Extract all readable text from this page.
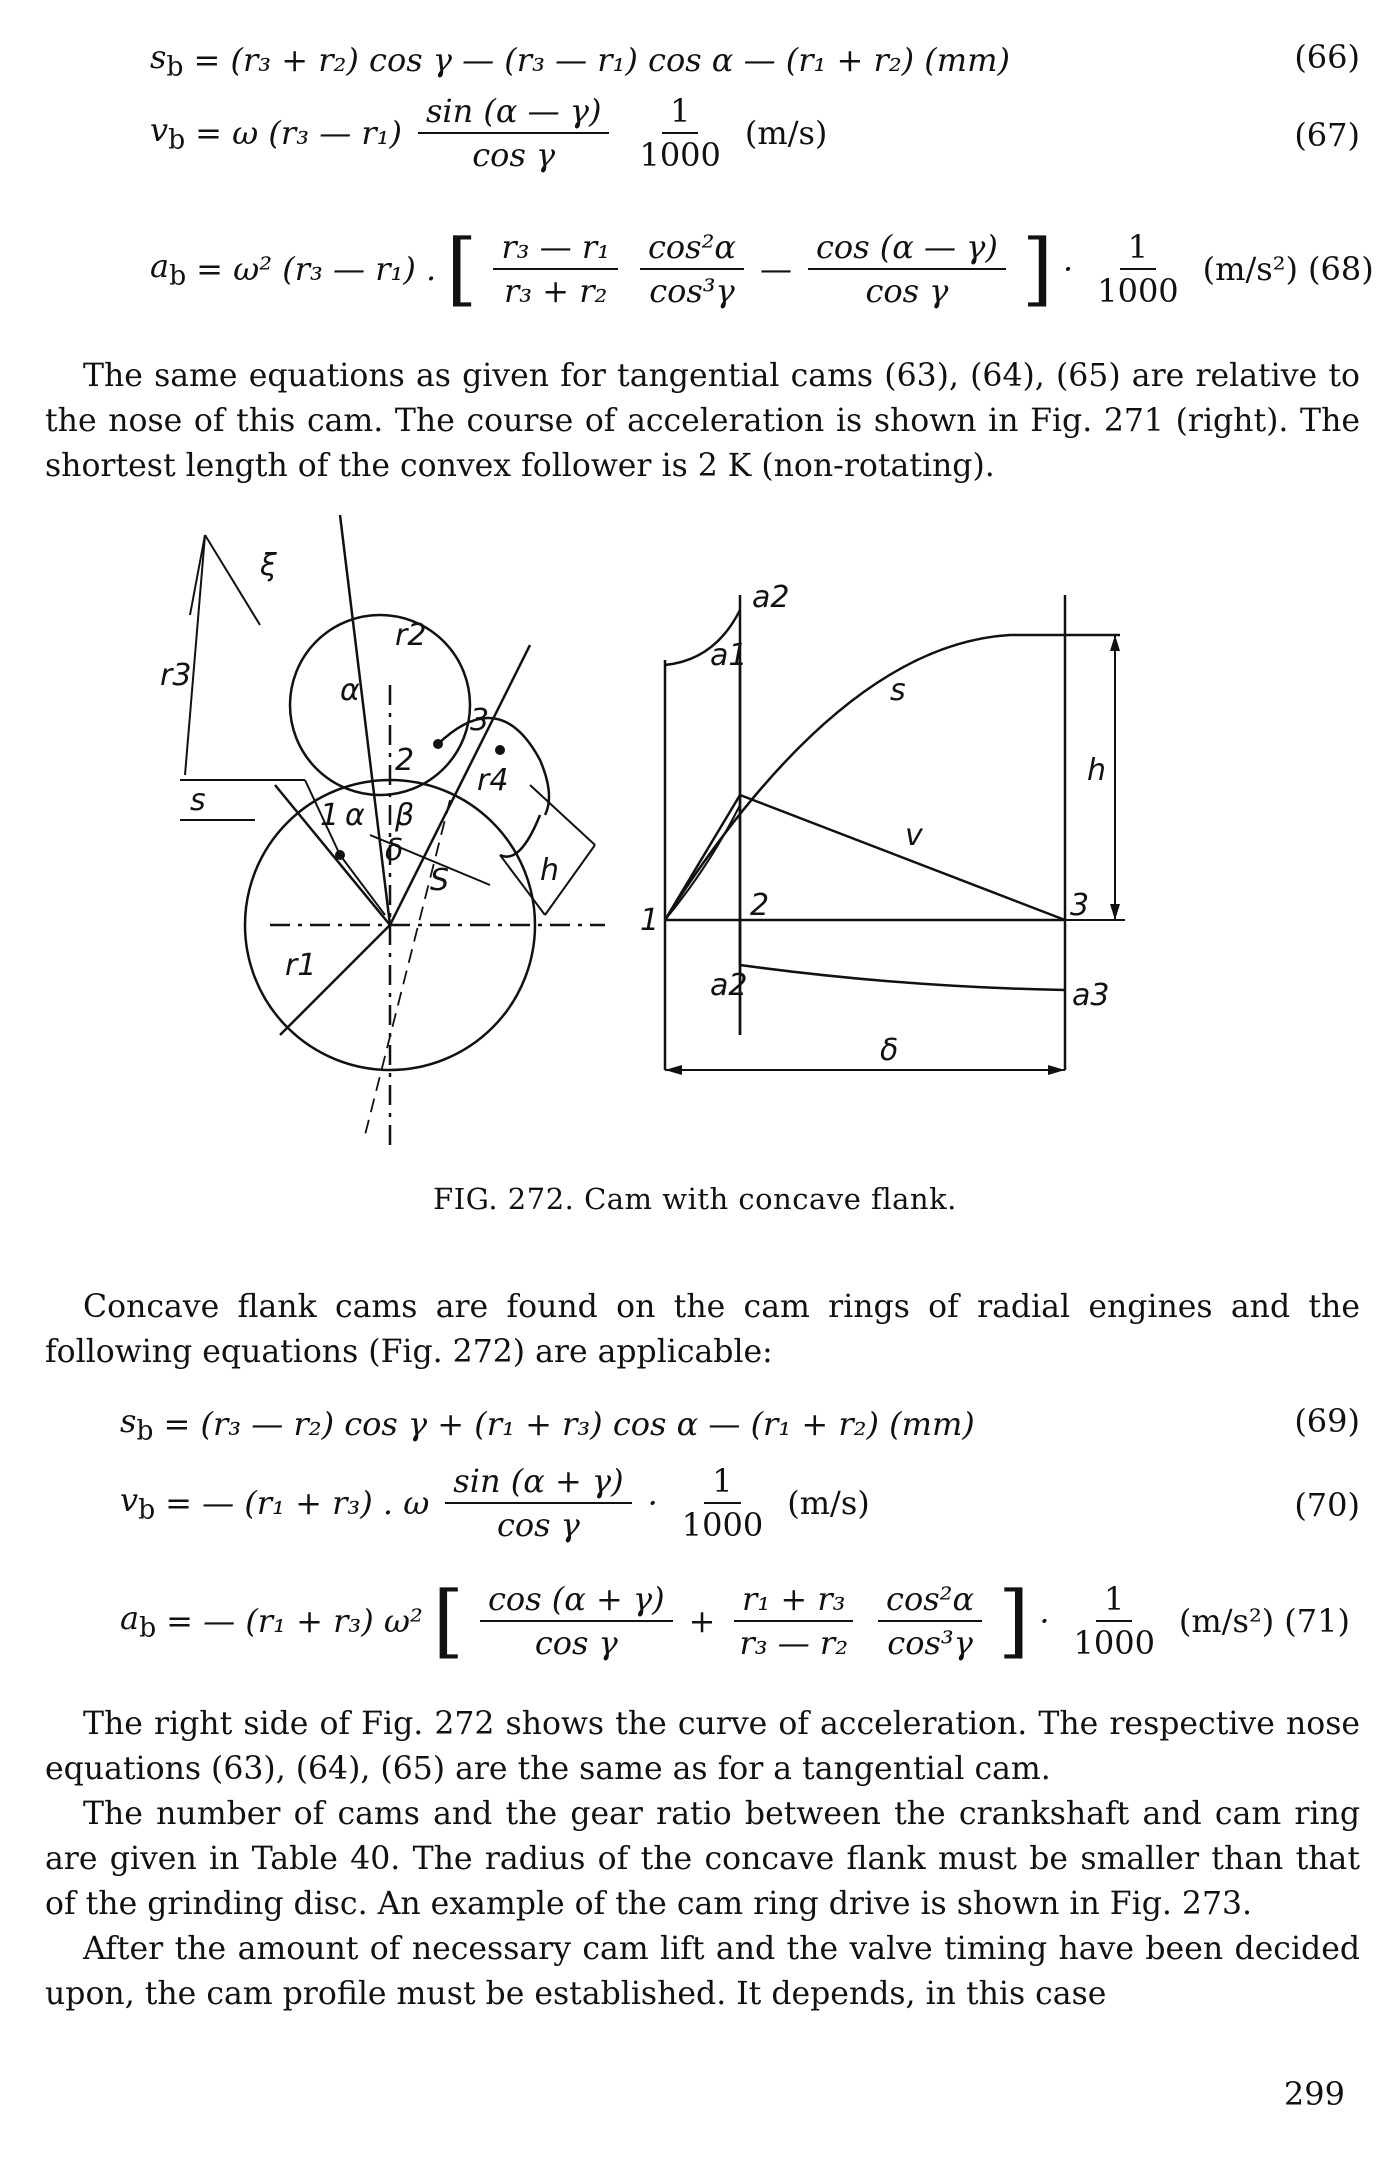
$s_b = (r_3 + r_2)$ cos γ — (r₃ — r₁) cos α — (r₁ + r₂) (mm)	(66)
$v_b = \omega$ (r₃ — $r_1) \frac{\sin (\alpha — \gamma)}{\text{cos γ}} \frac{1}{1000} (m/s)$	(67)
$a_b = \omega^2$ (r₃ — r₁) . [ $\frac{\text{r₃ — r₁}}{\text{r₃ + r₂}} \frac{\text{cos²α}}{\text{cos³γ}}$ — $\frac{\cos (\alpha — \gamma)}{\text{cos γ}}$ ] · $\frac{1}{1000} (m/s^2)$ (68)
The same equations as given for tangential cams (63), (64), (65) are relative to the nose of this cam. The course of acceleration is shown in Fig. 271 (right). The shortest length of the convex follower is 2 K (non-rotating).
ξ
r2
r3	α
2
3
s
r4
1 α β
δ
S	h
r1
a2
a1
s
h
v
1	2	3
a2	a3
δ
FIG. 272. Cam with concave flank.
Concave flank cams are found on the cam rings of radial engines and the following equations (Fig. 272) are applicable:
$s_b = (r_3$ — r₂) cos γ + (r₁ + r₃) cos α — (r₁ + r₂) (mm)	(69)
$v_b$ = — (r₁ + r₃) . ω $\frac{\sin (\alpha + \gamma)}{\text{cos γ}} \cdot \frac{1}{1000} (m/s)$	(70)
$a_b$ = — (r₁ + r₃) ω² [ $\frac{\cos (\alpha + \gamma)}{\text{cos γ}} + \frac{\text{r₁ + r₃}}{\text{r₃ — r₂}} \frac{\text{cos²α}}{\text{cos³γ}}$ ] · $\frac{1}{1000} (m/s^2)$ (71)
The right side of Fig. 272 shows the curve of acceleration. The respective nose equations (63), (64), (65) are the same as for a tangential cam.
The number of cams and the gear ratio between the crankshaft and cam ring are given in Table 40. The radius of the concave flank must be smaller than that of the grinding disc. An example of the cam ring drive is shown in Fig. 273.
After the amount of necessary cam lift and the valve timing have been decided upon, the cam profile must be established. It depends, in this case
299
